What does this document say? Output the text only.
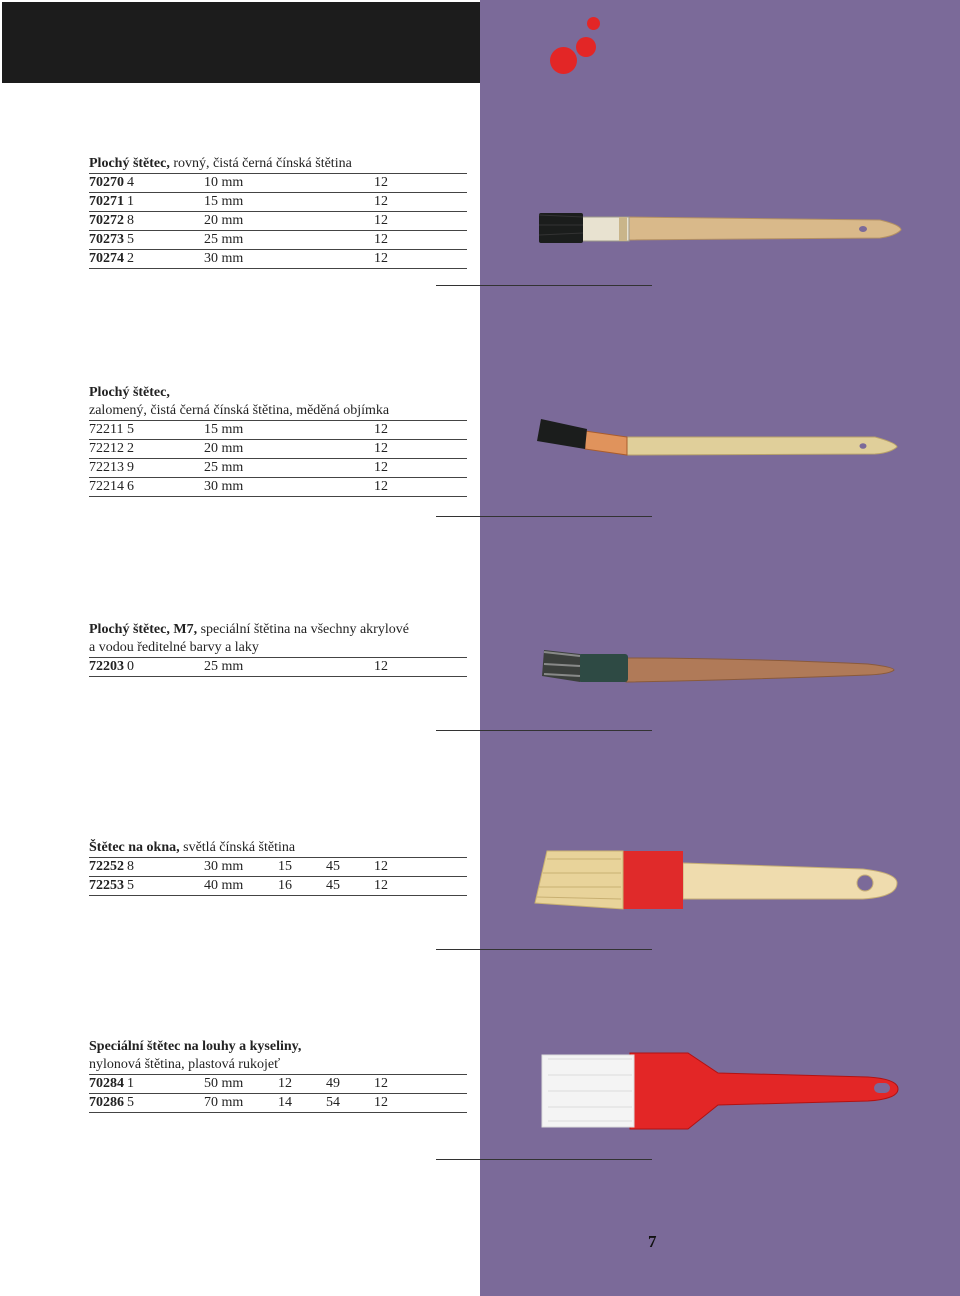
Plochý štětec, rovný, čistá černá čínská štětina

70270 4	10 mm	12
70271 1	15 mm	12
70272 8	20 mm	12
70273 5	25 mm	12
70274 2	30 mm	12

Plochý štětec,

zalomený, čistá černá čínská štětina, měděná objímka

72211 5	15 mm	12
72212 2	20 mm	12
72213 9	25 mm	12
72214 6	30 mm	12

Plochý štětec, M7, speciální štětina na všechny akrylové

a vodou ředitelné barvy a laky

72203 0	25 mm	12

Štětec na okna, světlá čínská štětina

72252 8	30 mm	15	45	12
72253 5	40 mm	16	45	12

Speciální štětec na louhy a kyseliny,

nylonová štětina, plastová rukojeť

70284 1	50 mm	12	49	12
70286 5	70 mm	14	54	12
7
